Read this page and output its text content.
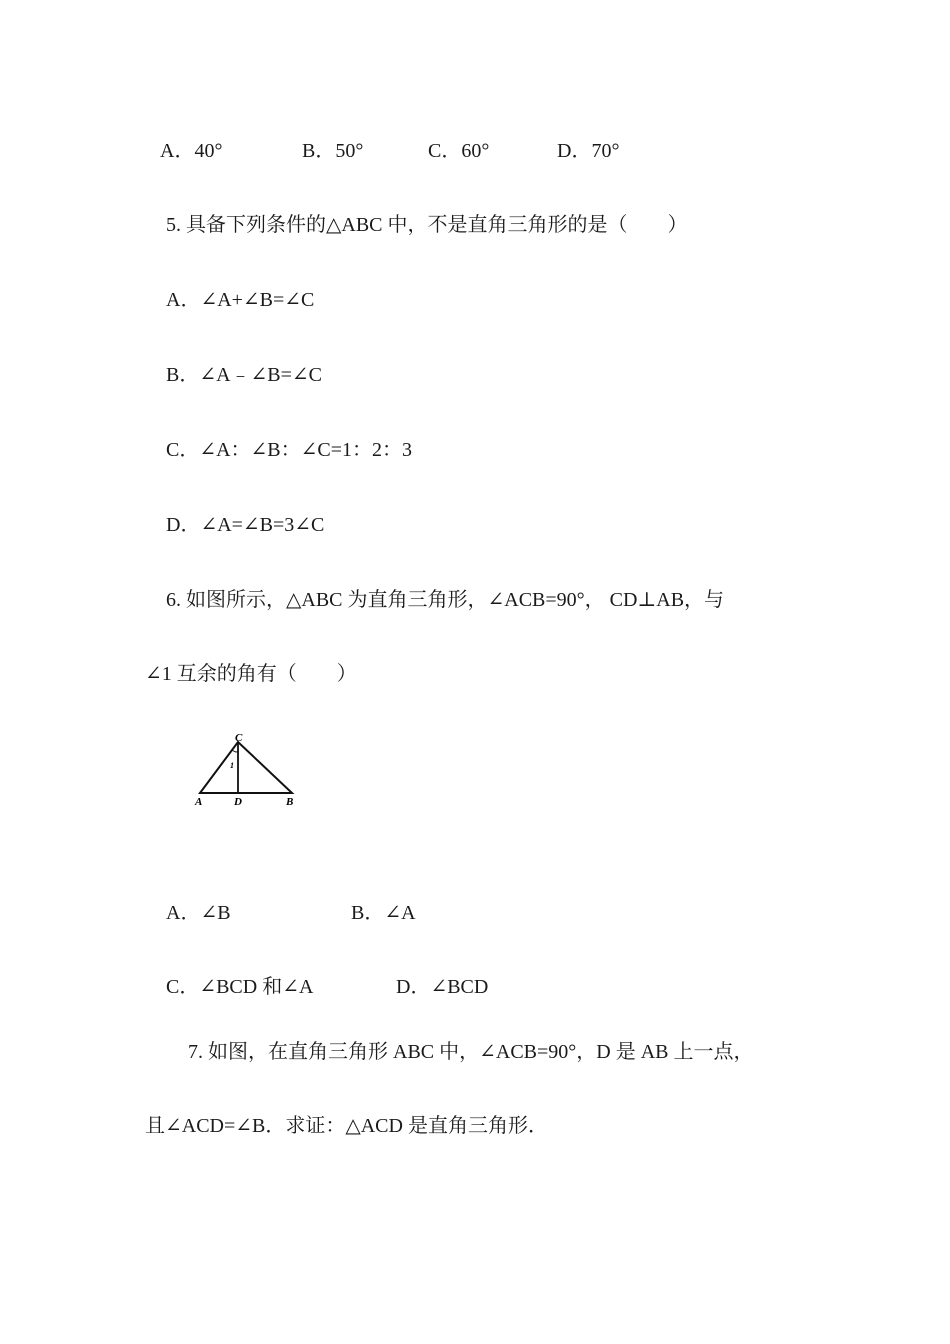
A．40°	B．50°	C．60°	D．70°
5. 具备下列条件的△ABC 中，不是直角三角形的是（　　）
A．∠A+∠B=∠C
B．∠A﹣∠B=∠C
C．∠A：∠B：∠C=1：2：3
D．∠A=∠B=3∠C
6. 如图所示，△ABC 为直角三角形，∠ACB=90°， CD⊥AB，与
∠1 互余的角有（　　）
C
1
A	D	B
A．∠B	B．∠A
C．∠BCD 和∠A	D．∠BCD
7. 如图，在直角三角形 ABC 中，∠ACB=90°，D 是 AB 上一点，
且∠ACD=∠B．求证：△ACD 是直角三角形．
